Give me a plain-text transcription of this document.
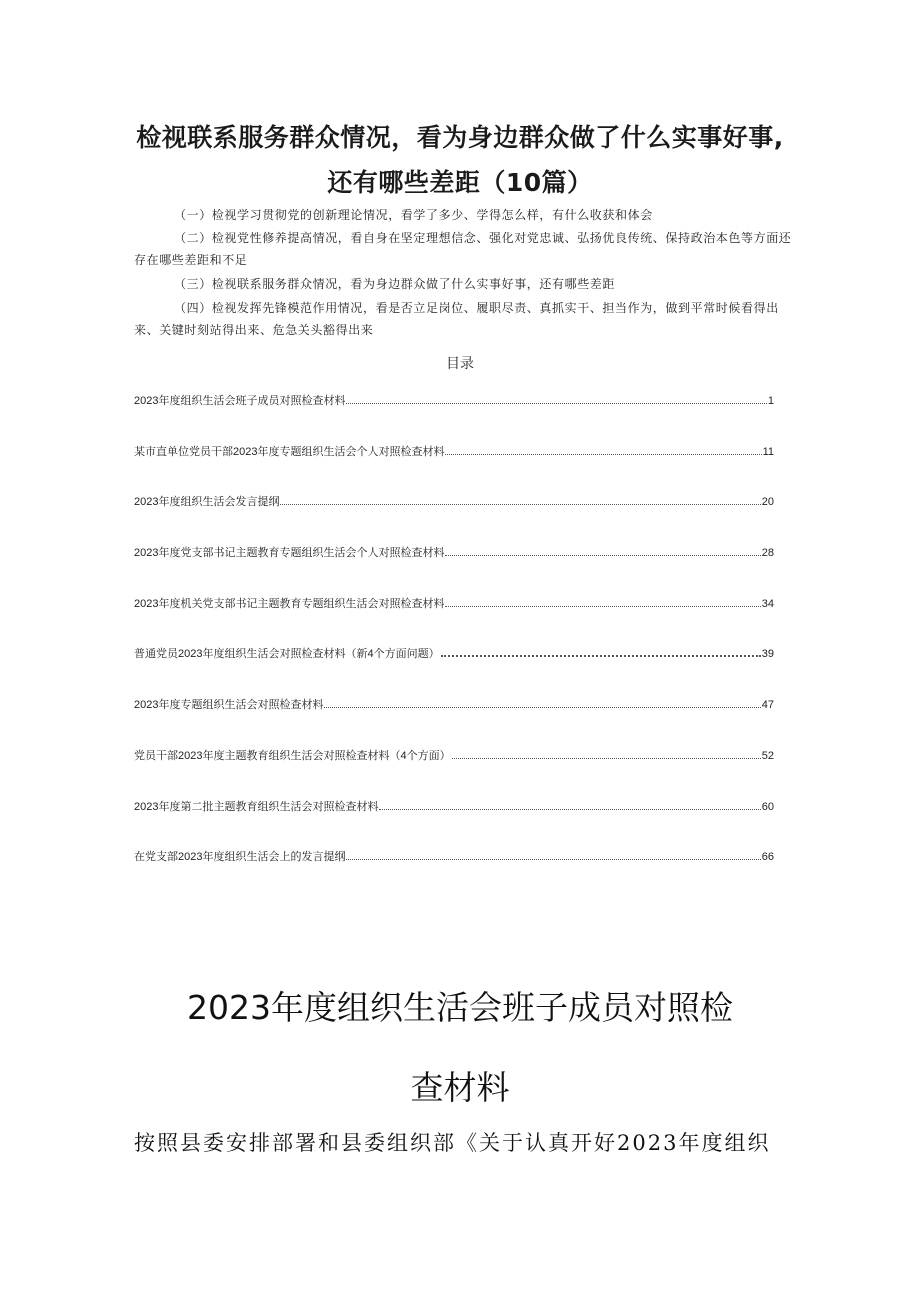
检视联系服务群众情况，看为身边群众做了什么实事好事,
还有哪些差距（10篇）

（一）检视学习贯彻党的创新理论情况，看学了多少、学得怎么样，有什么收获和体会

（二）检视党性修养提高情况，看自身在坚定理想信念、强化对党忠诚、弘扬优良传统、保持政治本色等方面还存在哪些差距和不足

（三）检视联系服务群众情况，看为身边群众做了什么实事好事，还有哪些差距

（四）检视发挥先锋模范作用情况，看是否立足岗位、履职尽责、真抓实干、担当作为，做到平常时候看得出来、关键时刻站得出来、危急关头豁得出来

目录
2023年度组织生活会班子成员对照检查材料	1
某市直单位党员干部2023年度专题组织生活会个人对照检查材料	11
2023年度组织生活会发言提纲	20
2023年度党支部书记主题教育专题组织生活会个人对照检查材料	28
2023年度机关党支部书记主题教育专题组织生活会对照检查材料	34
普通党员2023年度组织生活会对照检查材料（新4个方面问题）	39
2023年度专题组织生活会对照检查材料	47
党员干部2023年度主题教育组织生活会对照检查材料（4个方面）	52
2023年度第二批主题教育组织生活会对照检查材料	60
在党支部2023年度组织生活会上的发言提纲	66
2023年度组织生活会班子成员对照检
查材料
按照县委安排部署和县委组织部《关于认真开好2023年度组织
